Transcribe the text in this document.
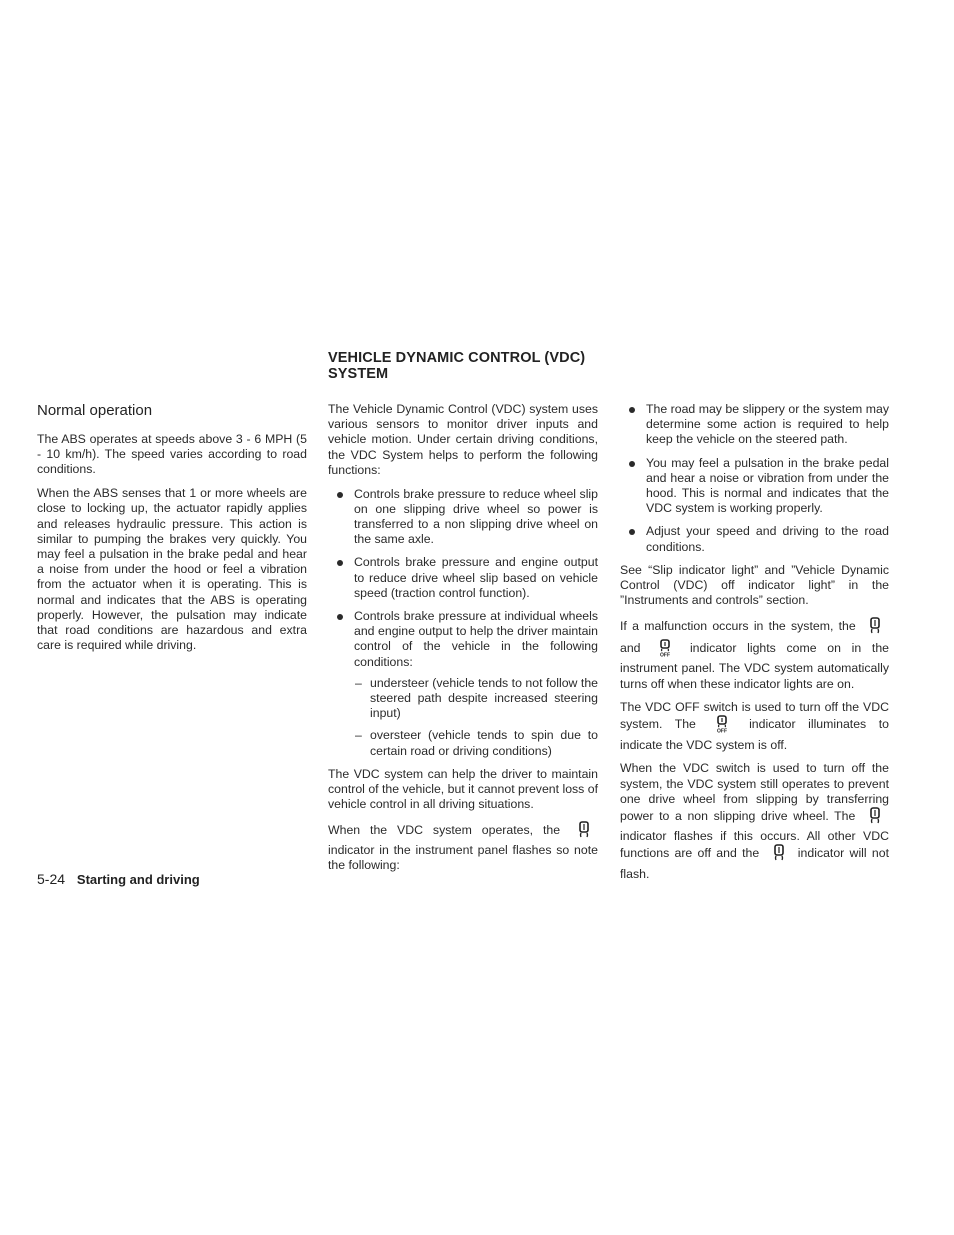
VEHICLE DYNAMIC CONTROL (VDC)
SYSTEM
Normal operation

The ABS operates at speeds above 3 - 6 MPH (5 - 10 km/h). The speed varies according to road conditions.

When the ABS senses that 1 or more wheels are close to locking up, the actuator rapidly applies and releases hydraulic pressure. This action is similar to pumping the brakes very quickly. You may feel a pulsation in the brake pedal and hear a noise from under the hood or feel a vibration from the actuator when it is operating. This is normal and indicates that the ABS is operating properly. However, the pulsation may indicate that road conditions are hazardous and extra care is required while driving.

The Vehicle Dynamic Control (VDC) system uses various sensors to monitor driver inputs and vehicle motion. Under certain driving conditions, the VDC System helps to perform the following functions:

Controls brake pressure to reduce wheel slip on one slipping drive wheel so power is transferred to a non slipping drive wheel on the same axle.
Controls brake pressure and engine output to reduce drive wheel slip based on vehicle speed (traction control function).
Controls brake pressure at individual wheels and engine output to help the driver maintain control of the vehicle in the following conditions:
– understeer (vehicle tends to not follow the steered path despite increased steering input)
– oversteer (vehicle tends to spin due to certain road or driving conditions)

The VDC system can help the driver to maintain control of the vehicle, but it cannot prevent loss of vehicle control in all driving situations.

When the VDC system operates, the  indicator in the instrument panel flashes so note the following:

The road may be slippery or the system may determine some action is required to help keep the vehicle on the steered path.
You may feel a pulsation in the brake pedal and hear a noise or vibration from under the hood. This is normal and indicates that the VDC system is working properly.
Adjust your speed and driving to the road conditions.

See “Slip indicator light” and ”Vehicle Dynamic Control (VDC) off indicator light” in the ”Instruments and controls” section.

If a malfunction occurs in the system, the  and
OFF
indicator lights come on in the instrument panel. The VDC system automatically turns off when these indicator lights are on.

The VDC OFF switch is used to turn off the VDC system. The
OFF
indicator illuminates to indicate the VDC system is off.

When the VDC switch is used to turn off the system, the VDC system still operates to prevent one drive wheel from slipping by transferring power to a non slipping drive wheel. The  indicator flashes if this occurs. All other VDC functions are off and the	indicator will not flash.

5-24 Starting and driving
